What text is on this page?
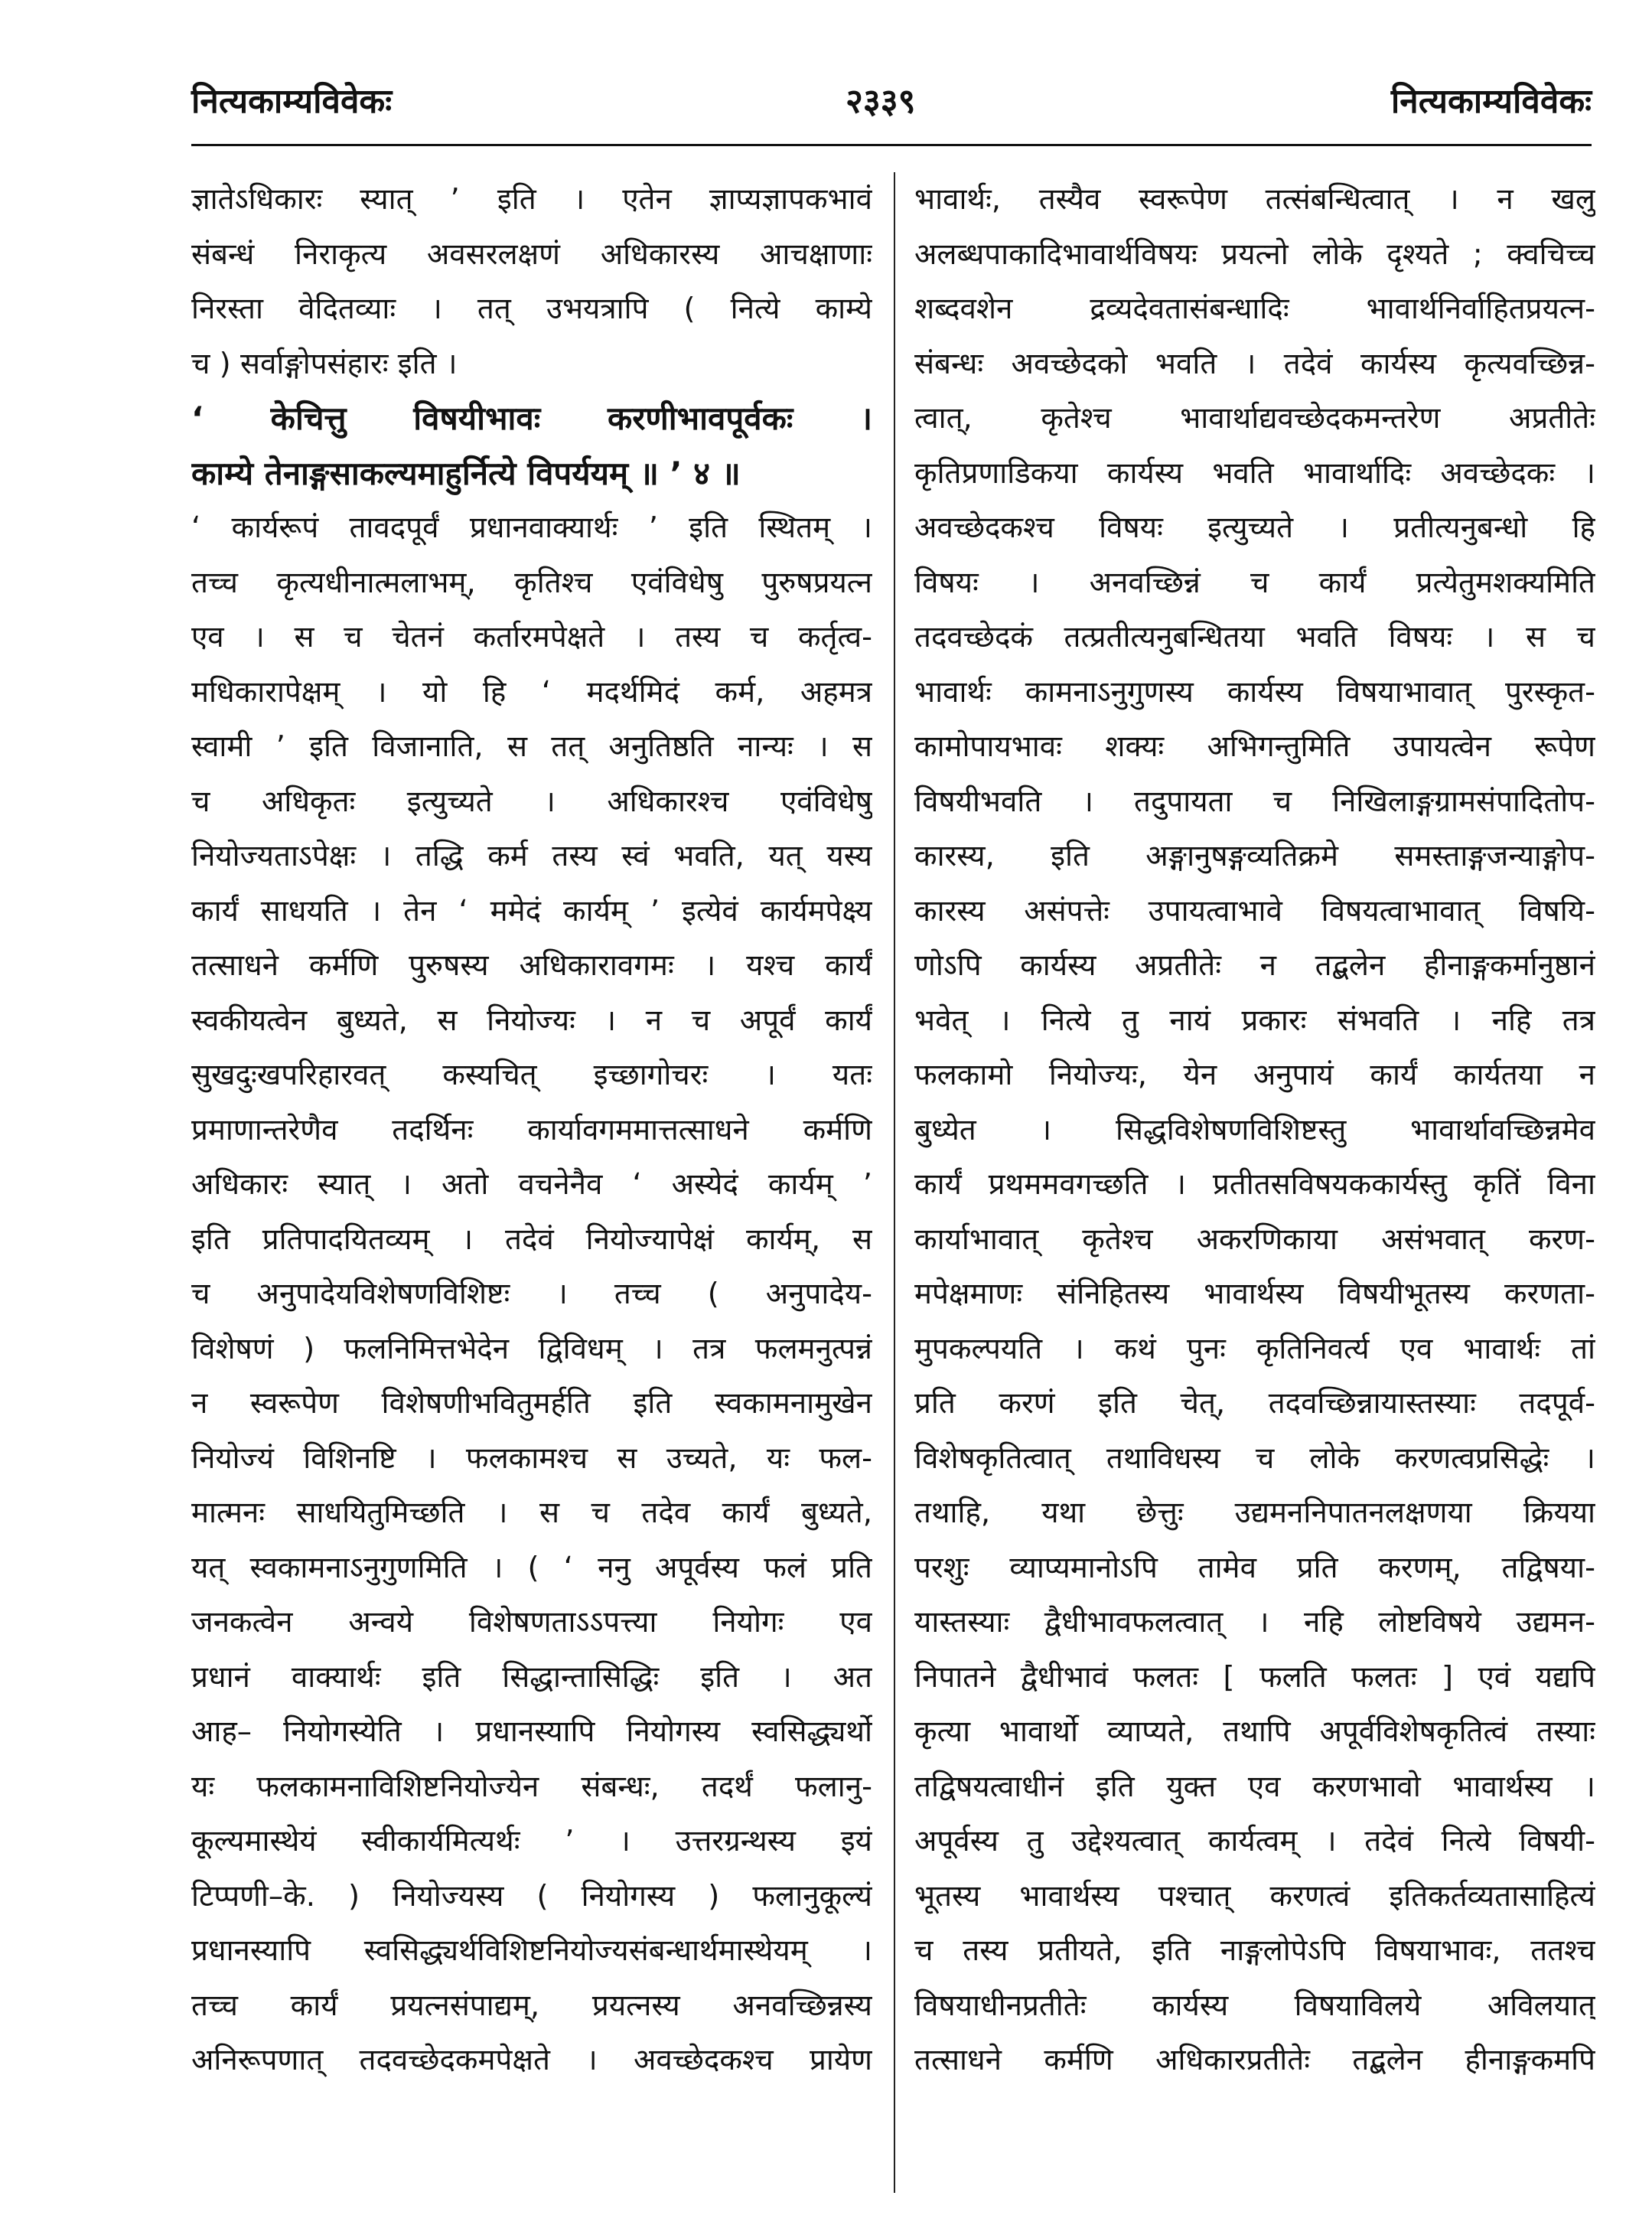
नित्यकाम्यविवेकः	२३३९	नित्यकाम्यविवेकः
ज्ञातेऽधिकारः स्यात् ’ इति । एतेन ज्ञाप्यज्ञापकभावं
संबन्धं निराकृत्य अवसरलक्षणं अधिकारस्य आचक्षाणाः
निरस्ता वेदितव्याः । तत् उभयत्रापि ( नित्ये काम्ये
च ) सर्वाङ्गोपसंहारः इति ।
‘ केचित्तु विषयीभावः करणीभावपूर्वकः ।
काम्ये तेनाङ्गसाकल्यमाहुर्नित्ये विपर्ययम् ॥ ’ ४ ॥
‘ कार्यरूपं तावदपूर्वं प्रधानवाक्यार्थः ’ इति स्थितम् ।
तच्च कृत्यधीनात्मलाभम्, कृतिश्च एवंविधेषु पुरुषप्रयत्न
एव । स च चेतनं कर्तारमपेक्षते । तस्य च कर्तृत्व-
मधिकारापेक्षम् । यो हि ‘ मदर्थमिदं कर्म, अहमत्र
स्वामी ’ इति विजानाति, स तत् अनुतिष्ठति नान्यः । स
च अधिकृतः इत्युच्यते । अधिकारश्च एवंविधेषु
नियोज्यताऽपेक्षः । तद्धि कर्म तस्य स्वं भवति, यत् यस्य
कार्यं साधयति । तेन ‘ ममेदं कार्यम् ’ इत्येवं कार्यमपेक्ष्य
तत्साधने कर्मणि पुरुषस्य अधिकारावगमः । यश्च कार्यं
स्वकीयत्वेन बुध्यते, स नियोज्यः । न च अपूर्वं कार्यं
सुखदुःखपरिहारवत् कस्यचित् इच्छागोचरः । यतः
प्रमाणान्तरेणैव तदर्थिनः कार्यावगममात्तत्साधने कर्मणि
अधिकारः स्यात् । अतो वचनेनैव ‘ अस्येदं कार्यम् ’
इति प्रतिपादयितव्यम् । तदेवं नियोज्यापेक्षं कार्यम्, स
च अनुपादेयविशेषणविशिष्टः । तच्च ( अनुपादेय-
विशेषणं ) फलनिमित्तभेदेन द्विविधम् । तत्र फलमनुत्पन्नं
न स्वरूपेण विशेषणीभवितुमर्हति इति स्वकामनामुखेन
नियोज्यं विशिनष्टि । फलकामश्च स उच्यते, यः फल-
मात्मनः साधयितुमिच्छति । स च तदेव कार्यं बुध्यते,
यत् स्वकामनाऽनुगुणमिति । ( ‘ ननु अपूर्वस्य फलं प्रति
जनकत्वेन अन्वये विशेषणताऽऽपत्त्या नियोगः एव
प्रधानं वाक्यार्थः इति सिद्धान्तासिद्धिः इति । अत
आह– नियोगस्येति । प्रधानस्यापि नियोगस्य स्वसिद्ध्यर्थो
यः फलकामनाविशिष्टनियोज्येन संबन्धः, तदर्थं फलानु-
कूल्यमास्थेयं स्वीकार्यमित्यर्थः ’ । उत्तरग्रन्थस्य इयं
टिप्पणी–के. ) नियोज्यस्य ( नियोगस्य ) फलानुकूल्यं
प्रधानस्यापि स्वसिद्ध्यर्थविशिष्टनियोज्यसंबन्धार्थमास्थेयम् ।
तच्च कार्यं प्रयत्नसंपाद्यम्, प्रयत्नस्य अनवच्छिन्नस्य
अनिरूपणात् तदवच्छेदकमपेक्षते । अवच्छेदकश्च प्रायेण
भावार्थः, तस्यैव स्वरूपेण तत्संबन्धित्वात् । न खलु
अलब्धपाकादिभावार्थविषयः प्रयत्नो लोके दृश्यते ; क्वचिच्च
शब्दवशेन द्रव्यदेवतासंबन्धादिः भावार्थनिर्वाहितप्रयत्न-
संबन्धः अवच्छेदको भवति । तदेवं कार्यस्य कृत्यवच्छिन्न-
त्वात्, कृतेश्च भावार्थाद्यवच्छेदकमन्तरेण अप्रतीतेः
कृतिप्रणाडिकया कार्यस्य भवति भावार्थादिः अवच्छेदकः ।
अवच्छेदकश्च विषयः इत्युच्यते । प्रतीत्यनुबन्धो हि
विषयः । अनवच्छिन्नं च कार्यं प्रत्येतुमशक्यमिति
तदवच्छेदकं तत्प्रतीत्यनुबन्धितया भवति विषयः । स च
भावार्थः कामनाऽनुगुणस्य कार्यस्य विषयाभावात् पुरस्कृत-
कामोपायभावः शक्यः अभिगन्तुमिति उपायत्वेन रूपेण
विषयीभवति । तदुपायता च निखिलाङ्गग्रामसंपादितोप-
कारस्य, इति अङ्गानुषङ्गव्यतिक्रमे समस्ताङ्गजन्याङ्गोप-
कारस्य असंपत्तेः उपायत्वाभावे विषयत्वाभावात् विषयि-
णोऽपि कार्यस्य अप्रतीतेः न तद्बलेन हीनाङ्गकर्मानुष्ठानं
भवेत् । नित्ये तु नायं प्रकारः संभवति । नहि तत्र
फलकामो नियोज्यः, येन अनुपायं कार्यं कार्यतया न
बुध्येत । सिद्धविशेषणविशिष्टस्तु भावार्थावच्छिन्नमेव
कार्यं प्रथममवगच्छति । प्रतीतसविषयककार्यस्तु कृतिं विना
कार्याभावात् कृतेश्च अकरणिकाया असंभवात् करण-
मपेक्षमाणः संनिहितस्य भावार्थस्य विषयीभूतस्य करणता-
मुपकल्पयति । कथं पुनः कृतिनिवर्त्य एव भावार्थः तां
प्रति करणं इति चेत्, तदवच्छिन्नायास्तस्याः तदपूर्व-
विशेषकृतित्वात् तथाविधस्य च लोके करणत्वप्रसिद्धेः ।
तथाहि, यथा छेत्तुः उद्यमननिपातनलक्षणया क्रियया
परशुः व्याप्यमानोऽपि तामेव प्रति करणम्, तद्विषया-
यास्तस्याः द्वैधीभावफलत्वात् । नहि लोष्टविषये उद्यमन-
निपातने द्वैधीभावं फलतः [ फलति फलतः ] एवं यद्यपि
कृत्या भावार्थो व्याप्यते, तथापि अपूर्वविशेषकृतित्वं तस्याः
तद्विषयत्वाधीनं इति युक्त एव करणभावो भावार्थस्य ।
अपूर्वस्य तु उद्देश्यत्वात् कार्यत्वम् । तदेवं नित्ये विषयी-
भूतस्य भावार्थस्य पश्चात् करणत्वं इतिकर्तव्यतासाहित्यं
च तस्य प्रतीयते, इति नाङ्गलोपेऽपि विषयाभावः, ततश्च
विषयाधीनप्रतीतेः कार्यस्य विषयाविलये अविलयात्
तत्साधने कर्मणि अधिकारप्रतीतेः तद्बलेन हीनाङ्गकमपि
